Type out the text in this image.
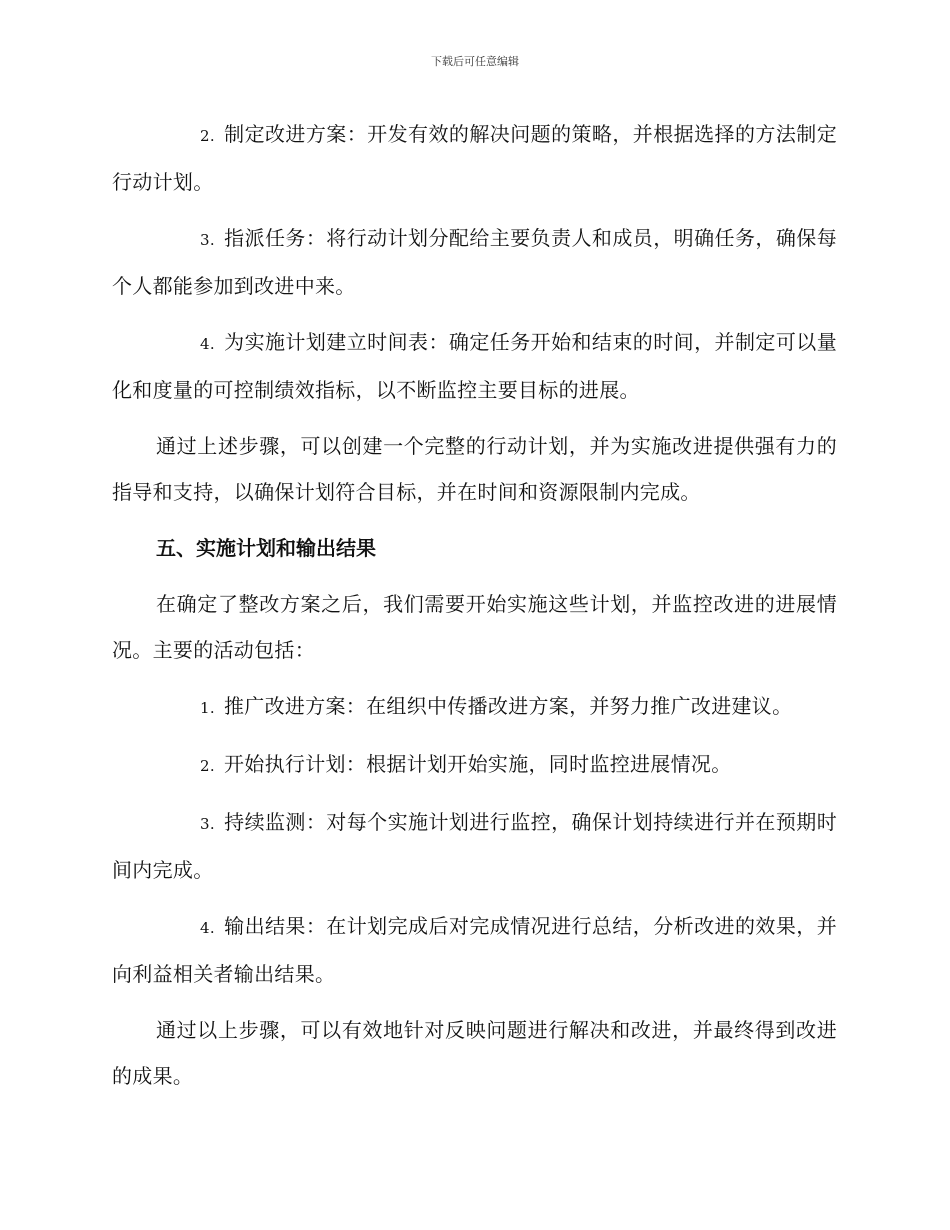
下载后可任意编辑

2. 制定改进方案：开发有效的解决问题的策略，并根据选择的方法制定行动计划。

3. 指派任务：将行动计划分配给主要负责人和成员，明确任务，确保每个人都能参加到改进中来。

4. 为实施计划建立时间表：确定任务开始和结束的时间，并制定可以量化和度量的可控制绩效指标，以不断监控主要目标的进展。

通过上述步骤，可以创建一个完整的行动计划，并为实施改进提供强有力的指导和支持，以确保计划符合目标，并在时间和资源限制内完成。

五、实施计划和输出结果

在确定了整改方案之后，我们需要开始实施这些计划，并监控改进的进展情况。主要的活动包括：

1. 推广改进方案：在组织中传播改进方案，并努力推广改进建议。

2. 开始执行计划：根据计划开始实施，同时监控进展情况。

3. 持续监测：对每个实施计划进行监控，确保计划持续进行并在预期时间内完成。

4. 输出结果：在计划完成后对完成情况进行总结，分析改进的效果，并向利益相关者输出结果。

通过以上步骤，可以有效地针对反映问题进行解决和改进，并最终得到改进的成果。
